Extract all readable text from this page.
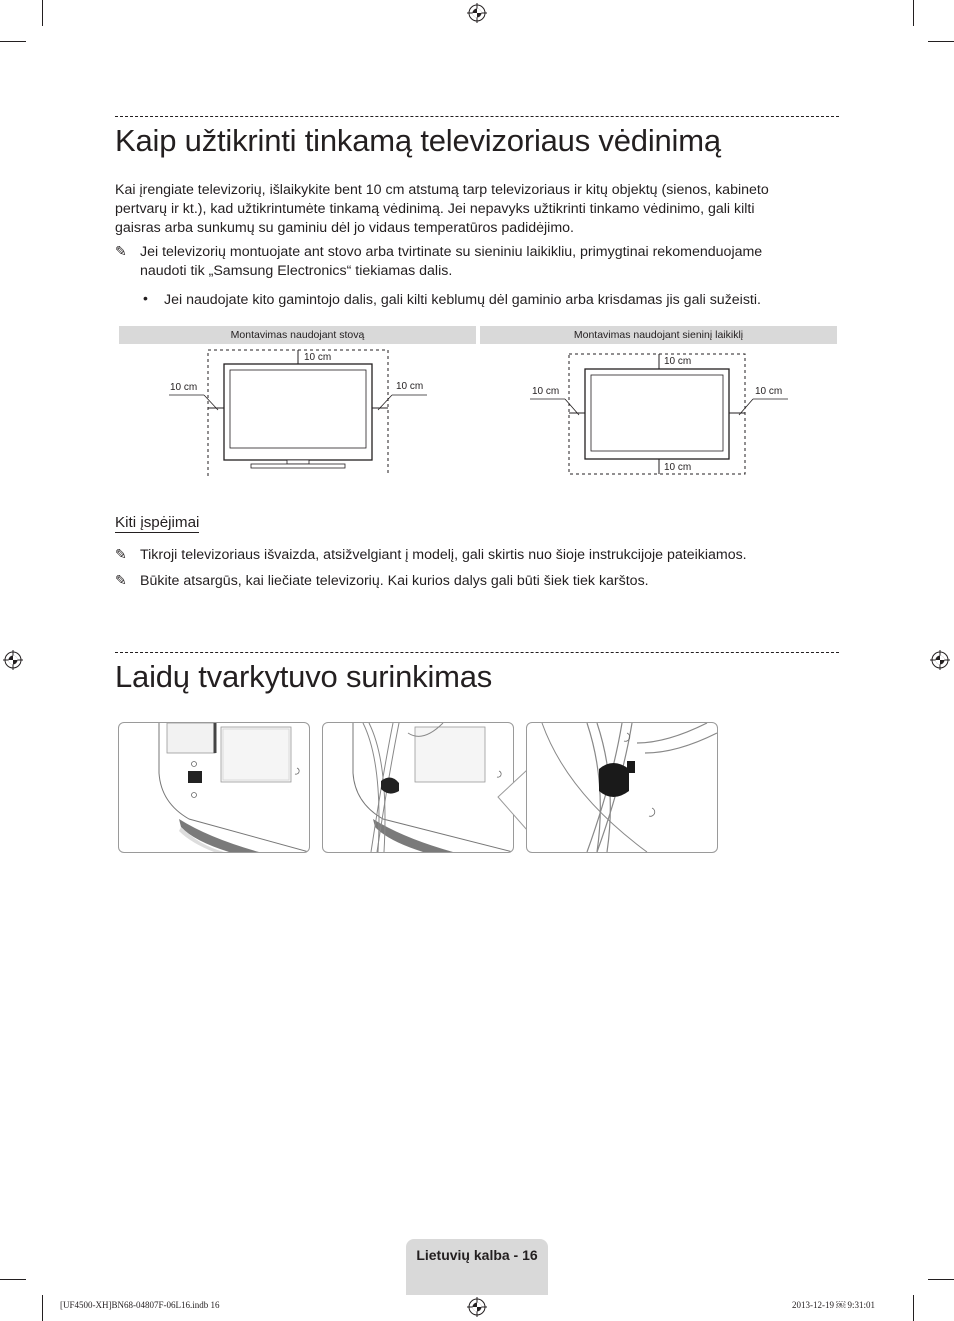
Kaip užtikrinti tinkamą televizoriaus vėdinimą

Kai įrengiate televizorių, išlaikykite bent 10 cm atstumą tarp televizoriaus ir kitų objektų (sienos, kabineto
pertvarų ir kt.), kad užtikrintumėte tinkamą vėdinimą. Jei nepavyks užtikrinti tinkamo vėdinimo, gali kilti
gaisras arba sunkumų su gaminiu dėl jo vidaus temperatūros padidėjimo.

✎ Jei televizorių montuojate ant stovo arba tvirtinate su sieniniu laikikliu, primygtinai rekomenduojame
naudoti tik „Samsung Electronics“ tiekiamas dalis.

• Jei naudojate kito gamintojo dalis, gali kilti keblumų dėl gaminio arba krisdamas jis gali sužeisti.

Montavimas naudojant stovą
10 cm
10 cm	10 cm
Montavimas naudojant sieninį laikiklį
10 cm
10 cm	10 cm
10 cm
Kiti įspėjimai
✎ Tikroji televizoriaus išvaizda, atsižvelgiant į modelį, gali skirtis nuo šioje instrukcijoje pateikiamos.

✎ Būkite atsargūs, kai liečiate televizorių. Kai kurios dalys gali būti šiek tiek karštos.

Laidų tvarkytuvo surinkimas
Lietuvių kalba - 16
[UF4500-XH]BN68-04807F-06L16.indb 16	2013-12-19 ￼ 9:31:01
